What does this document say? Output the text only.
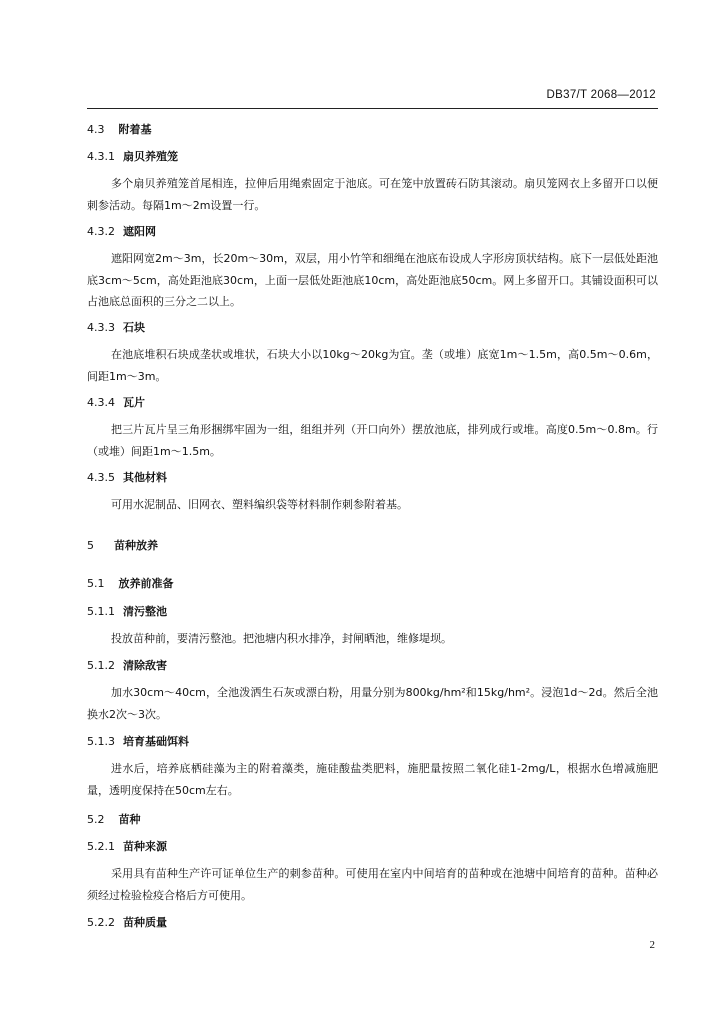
DB37/T 2068—2012
4.3 附着基
4.3.1 扇贝养殖笼
多个扇贝养殖笼首尾相连，拉伸后用绳索固定于池底。可在笼中放置砖石防其滚动。扇贝笼网衣上多留开口以便刺参活动。每隔1m～2m设置一行。
4.3.2 遮阳网
遮阳网宽2m～3m，长20m～30m，双层，用小竹竿和细绳在池底布设成人字形房顶状结构。底下一层低处距池底3cm～5cm，高处距池底30cm，上面一层低处距池底10cm，高处距池底50cm。网上多留开口。其铺设面积可以占池底总面积的三分之二以上。
4.3.3 石块
在池底堆积石块成垄状或堆状，石块大小以10kg～20kg为宜。垄（或堆）底宽1m～1.5m，高0.5m～0.6m，间距1m～3m。
4.3.4 瓦片
把三片瓦片呈三角形捆绑牢固为一组，组组并列（开口向外）摆放池底，排列成行或堆。高度0.5m～0.8m。行（或堆）间距1m～1.5m。
4.3.5 其他材料
可用水泥制品、旧网衣、塑料编织袋等材料制作刺参附着基。
5 苗种放养
5.1 放养前准备
5.1.1 清污整池
投放苗种前，要清污整池。把池塘内积水排净，封闸晒池，维修堤坝。
5.1.2 清除敌害
加水30cm～40cm，全池泼洒生石灰或漂白粉，用量分别为800kg/hm²和15kg/hm²。浸泡1d～2d。然后全池换水2次～3次。
5.1.3 培育基础饵料
进水后，培养底栖硅藻为主的附着藻类，施硅酸盐类肥料，施肥量按照二氧化硅1-2mg/L，根据水色增减施肥量，透明度保持在50cm左右。
5.2 苗种
5.2.1 苗种来源
采用具有苗种生产许可证单位生产的刺参苗种。可使用在室内中间培育的苗种或在池塘中间培育的苗种。苗种必须经过检验检疫合格后方可使用。
5.2.2 苗种质量
2
